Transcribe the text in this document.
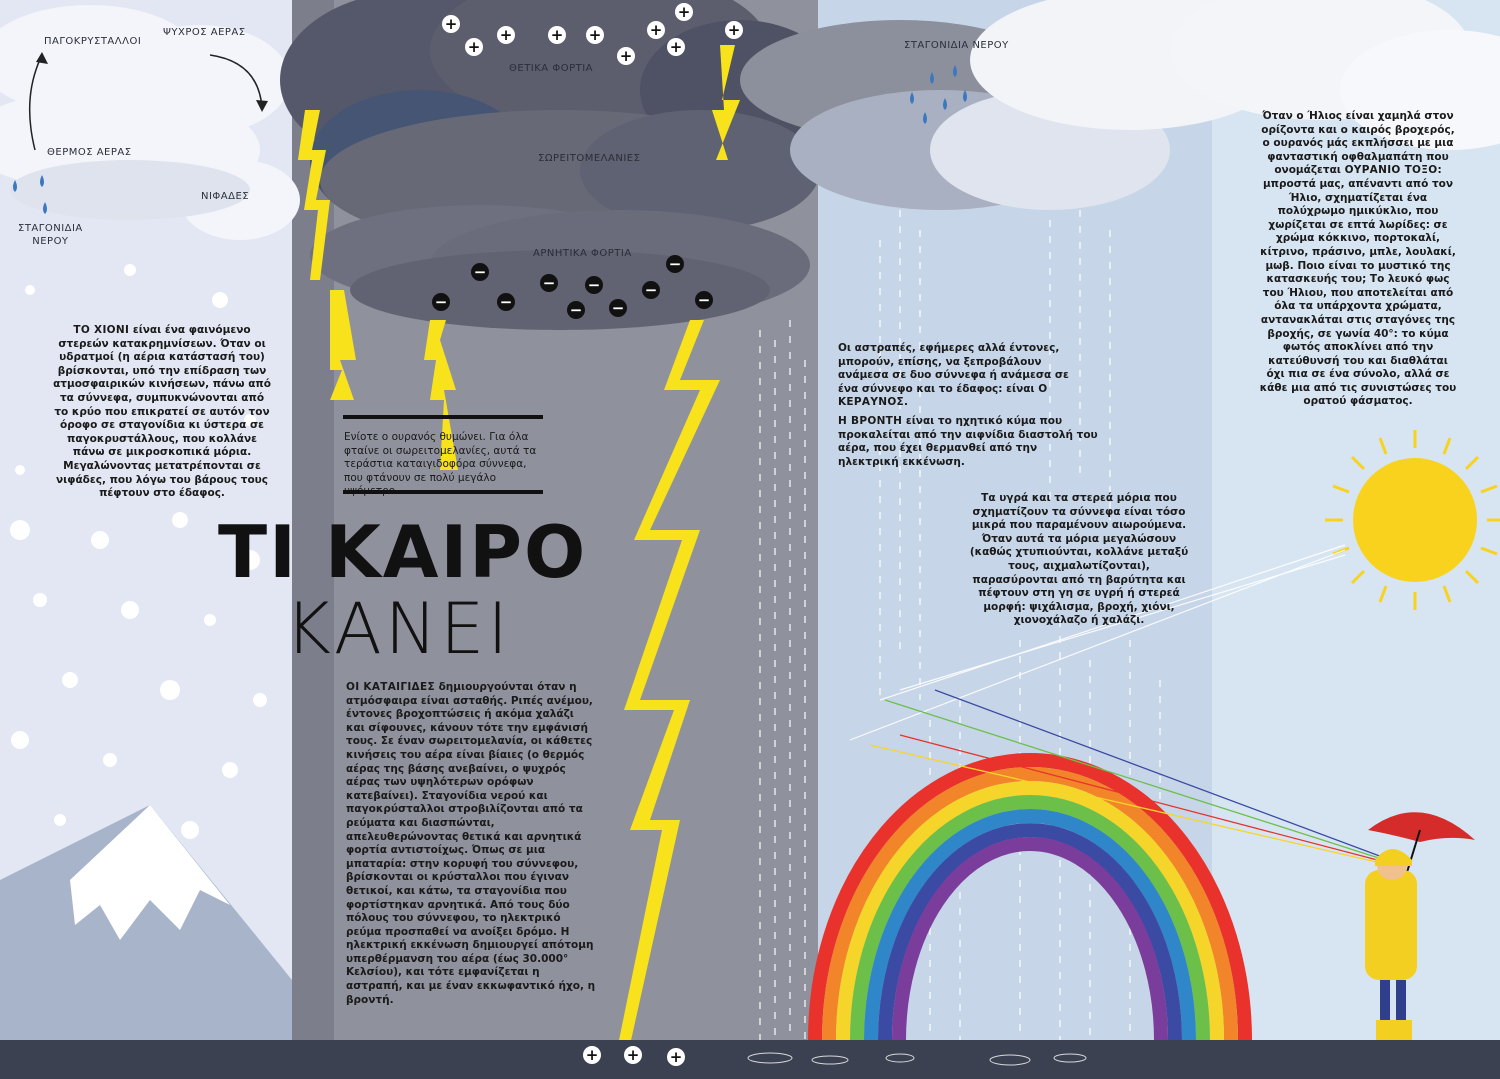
+
+
+	+ +
+
+
+
+
+
+ + +
−	−
− −	−
−	−	−	−
−
ΠΑΓΟΚΡΥΣΤΑΛΛΟΙ
ΨΥΧΡΟΣ ΑΕΡΑΣ
ΘΕΡΜΟΣ ΑΕΡΑΣ
ΝΙΦΑΔΕΣ
ΣΤΑΓΟΝΙΔΙΑ
ΝΕΡΟΥ
ΘΕΤΙΚΑ ΦΟΡΤΙΑ
ΣΩΡΕΙΤΟΜΕΛΑΝΙΕΣ
ΑΡΝΗΤΙΚΑ ΦΟΡΤΙΑ
ΣΤΑΓΟΝΙΔΙΑ ΝΕΡΟΥ
ΤΟ ΧΙΟΝΙ είναι ένα φαινόμενο στερεών κατακρημνίσεων. Όταν οι υδρατμοί (η αέρια κατάστασή του) βρίσκονται, υπό την επίδραση των ατμοσφαιρικών κινήσεων, πάνω από τα σύννεφα, συμπυκνώνονται από το κρύο που επικρατεί σε αυτόν τον όροφο σε σταγονίδια κι ύστερα σε παγοκρυστάλλους, που κολλάνε πάνω σε μικροσκοπικά μόρια. Μεγαλώνοντας μετατρέπονται σε νιφάδες, που λόγω του βάρους τους πέφτουν στο έδαφος.
Ενίοτε ο ουρανός θυμώνει. Για όλα φταίνε οι σωρειτομελανίες, αυτά τα τεράστια καταιγιδοφόρα σύννεφα, που φτάνουν σε πολύ μεγάλο
ΤΙ ΚΑΙΡΟ
ΚΑΝΕΙ
ΟΙ ΚΑΤΑΙΓΙΔΕΣ δημιουργούνται όταν η ατμόσφαιρα είναι ασταθής. Ριπές ανέμου, έντονες βροχοπτώσεις ή ακόμα χαλάζι και σίφουνες, κάνουν τότε την εμφάνισή τους. Σε έναν σωρειτομελανία, οι κάθετες κινήσεις του αέρα είναι βίαιες (ο θερμός αέρας της βάσης ανεβαίνει, ο ψυχρός αέρας των υψηλότερων ορόφων κατεβαίνει). Σταγονίδια νερού και παγοκρύσταλλοι στροβιλίζονται από τα ρεύματα και διασπώνται, απελευθερώνοντας θετικά και αρνητικά φορτία αντιστοίχως. Όπως σε μια μπαταρία: στην κορυφή του σύννεφου, βρίσκονται οι κρύσταλλοι που έγιναν θετικοί, και κάτω, τα σταγονίδια που φορτίστηκαν αρνητικά. Από τους δύο πόλους του σύννεφου, το ηλεκτρικό ρεύμα προσπαθεί να ανοίξει δρόμο. Η ηλεκτρική εκκένωση δημιουργεί απότομη υπερθέρμανση του αέρα (έως 30.000° Κελσίου), και τότε εμφανίζεται η αστραπή, και με έναν εκκωφαντικό ήχο, η βροντή.
Οι αστραπές, εφήμερες αλλά έντονες, μπορούν, επίσης, να ξεπροβάλουν ανάμεσα σε δυο σύννεφα ή ανάμεσα σε ένα σύννεφο και το έδαφος: είναι Ο ΚΕΡΑΥΝΟΣ.
Η ΒΡΟΝΤΗ είναι το ηχητικό κύμα που προκαλείται από την αιφνίδια διαστολή του αέρα, που έχει θερμανθεί από την ηλεκτρική εκκένωση.
Τα υγρά και τα στερεά μόρια που σχηματίζουν τα σύννεφα είναι τόσο μικρά που παραμένουν αιωρούμενα. Όταν αυτά τα μόρια μεγαλώσουν (καθώς χτυπιούνται, κολλάνε μεταξύ τους, αιχμαλωτίζονται), παρασύρονται από τη βαρύτητα και πέφτουν στη γη σε υγρή ή στερεά μορφή: ψιχάλισμα, βροχή, χιόνι, χιονοχάλαζο ή χαλάζι.
Όταν ο Ήλιος είναι χαμηλά στον ορίζοντα και ο καιρός βροχερός, ο ουρανός μάς εκπλήσσει με μια φανταστική οφθαλμαπάτη που ονομάζεται ΟΥΡΑΝΙΟ ΤΟΞΟ: μπροστά μας, απέναντι από τον Ήλιο, σχηματίζεται ένα πολύχρωμο ημικύκλιο, που χωρίζεται σε επτά λωρίδες: σε χρώμα κόκκινο, πορτοκαλί, κίτρινο, πράσινο, μπλε, λουλακί, μωβ. Ποιο είναι το μυστικό της κατασκευής του; Το λευκό φως του Ήλιου, που αποτελείται από όλα τα υπάρχοντα χρώματα, αντανακλάται στις σταγόνες της βροχής, σε γωνία 40°: το κύμα φωτός αποκλίνει από την κατεύθυνσή του και διαθλάται όχι πια σε ένα σύνολο, αλλά σε κάθε μια από τις συνιστώσες του ορατού φάσματος.
